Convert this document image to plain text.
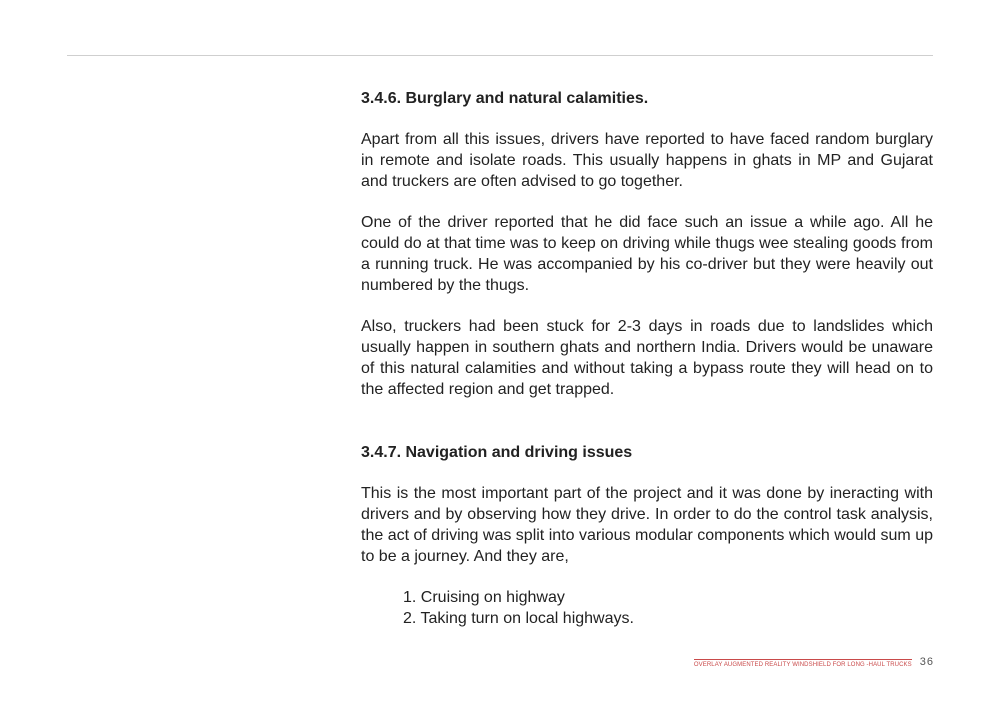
3.4.6. Burglary and natural calamities.

Apart from all this issues, drivers have reported to have faced random burglary in remote and isolate roads. This usually happens in ghats in MP and Gujarat and truckers are often advised to go together.

One of the driver reported that he did face such an issue a while ago. All he could do at that time was to keep on driving while thugs wee stealing goods from a running truck. He was accompanied by his co-driver but they were heavily out numbered by the thugs.

Also, truckers had been stuck for 2-3 days in roads due to landslides which usually happen in southern ghats and northern India. Drivers would be unaware of this natural calamities and without taking a bypass route they will head on to the affected region and get trapped.

3.4.7. Navigation and driving issues

This is the most important part of the project and it was done by ineracting with drivers and by observing how they drive. In order to do the control task analysis, the act of driving was split into various modular components which would sum up to be a journey. And they are,

1. Cruising on highway
2. Taking turn on local highways.
OVERLAY AUGMENTED REALITY WINDSHIELD FOR LONG -HAUL TRUCKS 36
